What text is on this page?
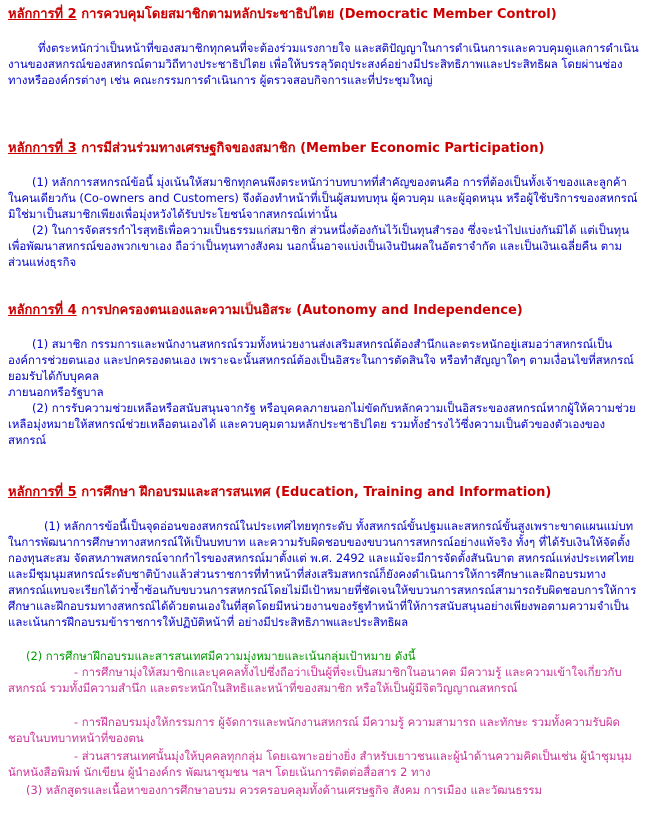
หลักการที่ 2 การควบคุมโดยสมาชิกตามหลักประชาธิปไตย (Democratic Member Control)

ทึ่งตระหนักว่าเป็นหน้าที่ของสมาชิกทุกคนที่จะต้องร่วมแรงกายใจ และสติปัญญาในการดำเนินการและควบคุมดูแลการดำเนินงานของสหกรณ์ของสหกรณ์ตามวิถีทางประชาธิปไตย เพื่อให้บรรลุวัตถุประสงค์อย่างมีประสิทธิภาพและประสิทธิผล โดยผ่านช่องทางหรือองค์กรต่างๆ เช่น คณะกรรมการดำเนินการ ผู้ตรวจสอบกิจการและที่ประชุมใหญ่

หลักการที่ 3 การมีส่วนร่วมทางเศรษฐกิจของสมาชิก (Member Economic Participation)

(1) หลักการสหกรณ์ข้อนี้ มุ่งเน้นให้สมาชิกทุกคนพึงตระหนักว่าบทบาทที่สำคัญของตนคือ การที่ต้องเป็นทั้งเจ้าของและลูกค้าในคนเดียวกัน (Co-owners and Customers) จึงต้องทำหน้าที่เป็นผู้สมทบทุน ผู้ควบคุม และผู้อุดหนุน หรือผู้ใช้บริการของสหกรณ์ มิใช่มาเป็นสมาชิกเพียงเพื่อมุ่งหวังได้รับประโยชน์จากสหกรณ์เท่านั้น

(2) ในการจัดสรรกำไรสุทธิเพื่อความเป็นธรรมแก่สมาชิก ส่วนหนึ่งต้องกันไว้เป็นทุนสำรอง ซึ่งจะนำไปแบ่งกันมิได้ แต่เป็นทุนเพื่อพัฒนาสหกรณ์ของพวกเขาเอง ถือว่าเป็นทุนทางสังคม นอกนั้นอาจแบ่งเป็นเงินปันผลในอัตราจำกัด และเป็นเงินเฉลี่ยคืน ตามส่วนแห่งธุรกิจ

หลักการที่ 4 การปกครองตนเองและความเป็นอิสระ (Autonomy and Independence)

(1) สมาชิก กรรมการและพนักงานสหกรณ์รวมทั้งหน่วยงานส่งเสริมสหกรณ์ต้องสำนึกและตระหนักอยู่เสมอว่าสหกรณ์เป็นองค์การช่วยตนเอง และปกครองตนเอง เพราะฉะนั้นสหกรณ์ต้องเป็นอิสระในการตัดสินใจ หรือทำสัญญาใดๆ ตามเงื่อนไขที่สหกรณ์ยอมรับได้กับบุคคล

ภายนอกหรือรัฐบาล

(2) การรับความช่วยเหลือหรือสนับสนุนจากรัฐ หรือบุคคลภายนอกไม่ขัดกับหลักความเป็นอิสระของสหกรณ์หากผู้ให้ความช่วยเหลือมุ่งหมายให้สหกรณ์ช่วยเหลือตนเองได้ และควบคุมตามหลักประชาธิปไตย รวมทั้งธำรงไว้ซึ่งความเป็นตัวของตัวเองของสหกรณ์

หลักการที่ 5 การศึกษา ฝึกอบรมและสารสนเทศ (Education, Training and Information)

(1) หลักการข้อนี้เป็นจุดอ่อนของสหกรณ์ในประเทศไทยทุกระดับ ทั้งสหกรณ์ขั้นปฐมและสหกรณ์ขั้นสูงเพราะขาดแผนแม่บทในการพัฒนาการศึกษาทางสหกรณ์ให้เป็นบทบาท และความรับผิดชอบของขบวนการสหกรณ์อย่างแท้จริง ทั้งๆ ที่ได้รับเงินให้จัดตั้งกองทุนสะสม จัดสหภาพสหกรณ์จากกำไรของสหกรณ์มาตั้งแต่ พ.ศ. 2492 และแม้จะมีการจัดตั้งสันนิบาต สหกรณ์แห่งประเทศไทยและมีชุมนุมสหกรณ์ระดับชาติบ้างแล้วส่วนราชการที่ทำหน้าที่ส่งเสริมสหกรณ์ก็ยังคงดำเนินการให้การศึกษาและฝึกอบรมทางสหกรณ์แทบจะเรียกได้ว่าซ้ำซ้อนกับขบวนการสหกรณ์โดยไม่มีเป้าหมายที่ชัดเจนให้ขบวนการสหกรณ์สามารถรับผิดชอบการให้การศึกษาและฝึกอบรมทางสหกรณ์ได้ด้วยตนเองในที่สุดโดยมีหน่วยงานของรัฐทำหน้าที่ให้การสนับสนุนอย่างเพียงพอตามความจำเป็นและเน้นการฝึกอบรมข้าราชการให้ปฏิบัติหน้าที่ อย่างมีประสิทธิภาพและประสิทธิผล

(2) การศึกษาฝึกอบรมและสารสนเทศมีความมุ่งหมายและเน้นกลุ่มเป้าหมาย ดังนี้

- การศึกษามุ่งให้สมาชิกและบุคคลทั้งไปซึ่งถือว่าเป็นผู้ที่จะเป็นสมาชิกในอนาคต มีความรู้ และความเข้าใจเกี่ยวกับสหกรณ์ รวมทั้งมีความสำนึก และตระหนักในสิทธิและหน้าที่ของสมาชิก หรือให้เป็นผู้มีจิตวิญญาณสหกรณ์

- การฝึกอบรมมุ่งให้กรรมการ ผู้จัดการและพนักงานสหกรณ์ มีความรู้ ความสามารถ และทักษะ รวมทั้งความรับผิดชอบในบทบาทหน้าที่ของตน

- ส่วนสารสนเทศนั้นมุ่งให้บุคคลทุกกลุ่ม โดยเฉพาะอย่างยิ่ง สำหรับเยาวชนและผู้นำด้านความคิดเป็นเช่น ผู้นำชุมนุม นักหนังสือพิมพ์ นักเขียน ผู้นำองค์กร พัฒนาชุมชน ฯลฯ โดยเน้นการติดต่อสื่อสาร 2 ทาง

(3) หลักสูตรและเนื้อหาของการศึกษาอบรม ควรครอบคลุมทั้งด้านเศรษฐกิจ สังคม การเมือง และวัฒนธรรม
